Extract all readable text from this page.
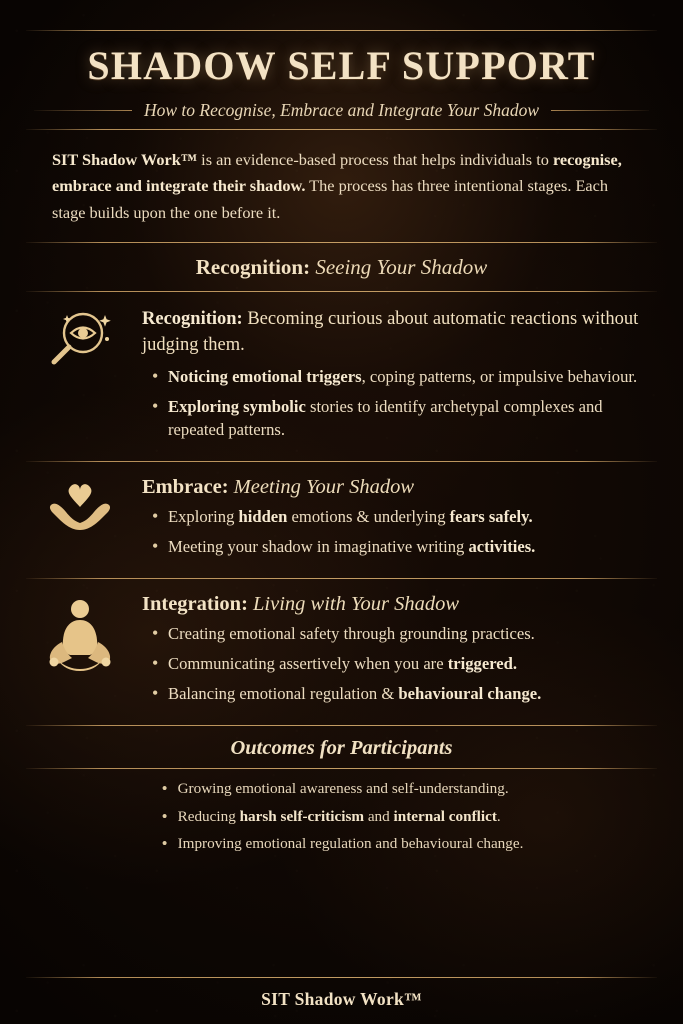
SHADOW SELF SUPPORT
How to Recognise, Embrace and Integrate Your Shadow
SIT Shadow Work™ is an evidence-based process that helps individuals to recognise, embrace and integrate their shadow. The process has three intentional stages. Each stage builds upon the one before it.
Recognition: Seeing Your Shadow
Recognition: Becoming curious about automatic reactions without judging them.
• Noticing emotional triggers, coping patterns, or impulsive behaviour.
• Exploring symbolic stories to identify archetypal complexes and repeated patterns.
Embrace: Meeting Your Shadow
• Exploring hidden emotions & underlying fears safely.
• Meeting your shadow in imaginative writing activities.
Integration: Living with Your Shadow
• Creating emotional safety through grounding practices.
• Communicating assertively when you are triggered.
• Balancing emotional regulation & behavioural change.
Outcomes for Participants
• Growing emotional awareness and self-understanding.
• Reducing harsh self-criticism and internal conflict.
• Improving emotional regulation and behavioural change.
SIT Shadow Work™
